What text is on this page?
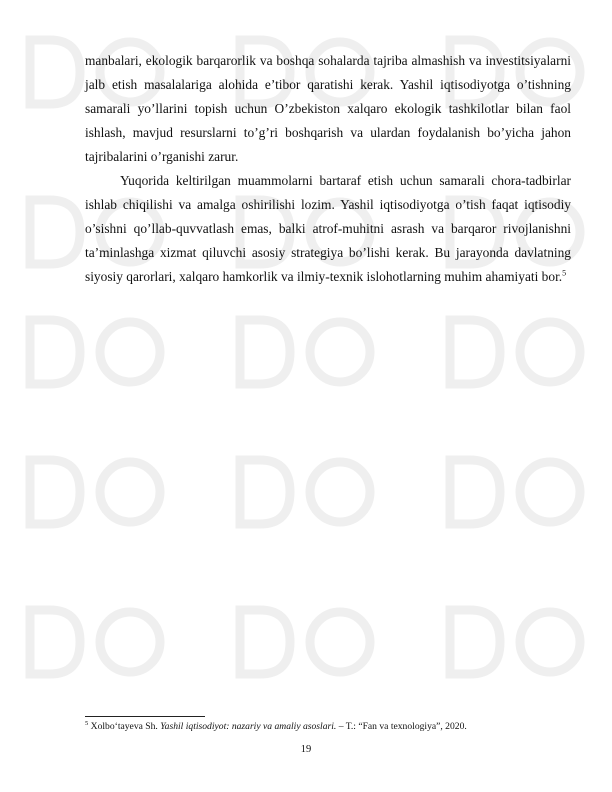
manbalari, ekologik barqarorlik va boshqa sohalarda tajriba almashish va investitsiyalarni jalb etish masalalariga alohida e’tibor qaratishi kerak. Yashil iqtisodiyotga o’tishning samarali yo’llarini topish uchun O’zbekiston xalqaro ekologik tashkilotlar bilan faol ishlash, mavjud resurslarni to’g’ri boshqarish va ulardan foydalanish bo’yicha jahon tajribalarini o’rganishi zarur.

Yuqorida keltirilgan muammolarni bartaraf etish uchun samarali chora-tadbirlar ishlab chiqilishi va amalga oshirilishi lozim. Yashil iqtisodiyotga o’tish faqat iqtisodiy o’sishni qo’llab-quvvatlash emas, balki atrof-muhitni asrash va barqaror rivojlanishni ta’minlashga xizmat qiluvchi asosiy strategiya bo’lishi kerak. Bu jarayonda davlatning siyosiy qarorlari, xalqaro hamkorlik va ilmiy-texnik islohotlarning muhim ahamiyati bor.$^5$

$^5$ Xolbo‘tayeva Sh. Yashil iqtisodiyot: nazariy va amaliy asoslari. – T.: “Fan va texnologiya”, 2020.
19
